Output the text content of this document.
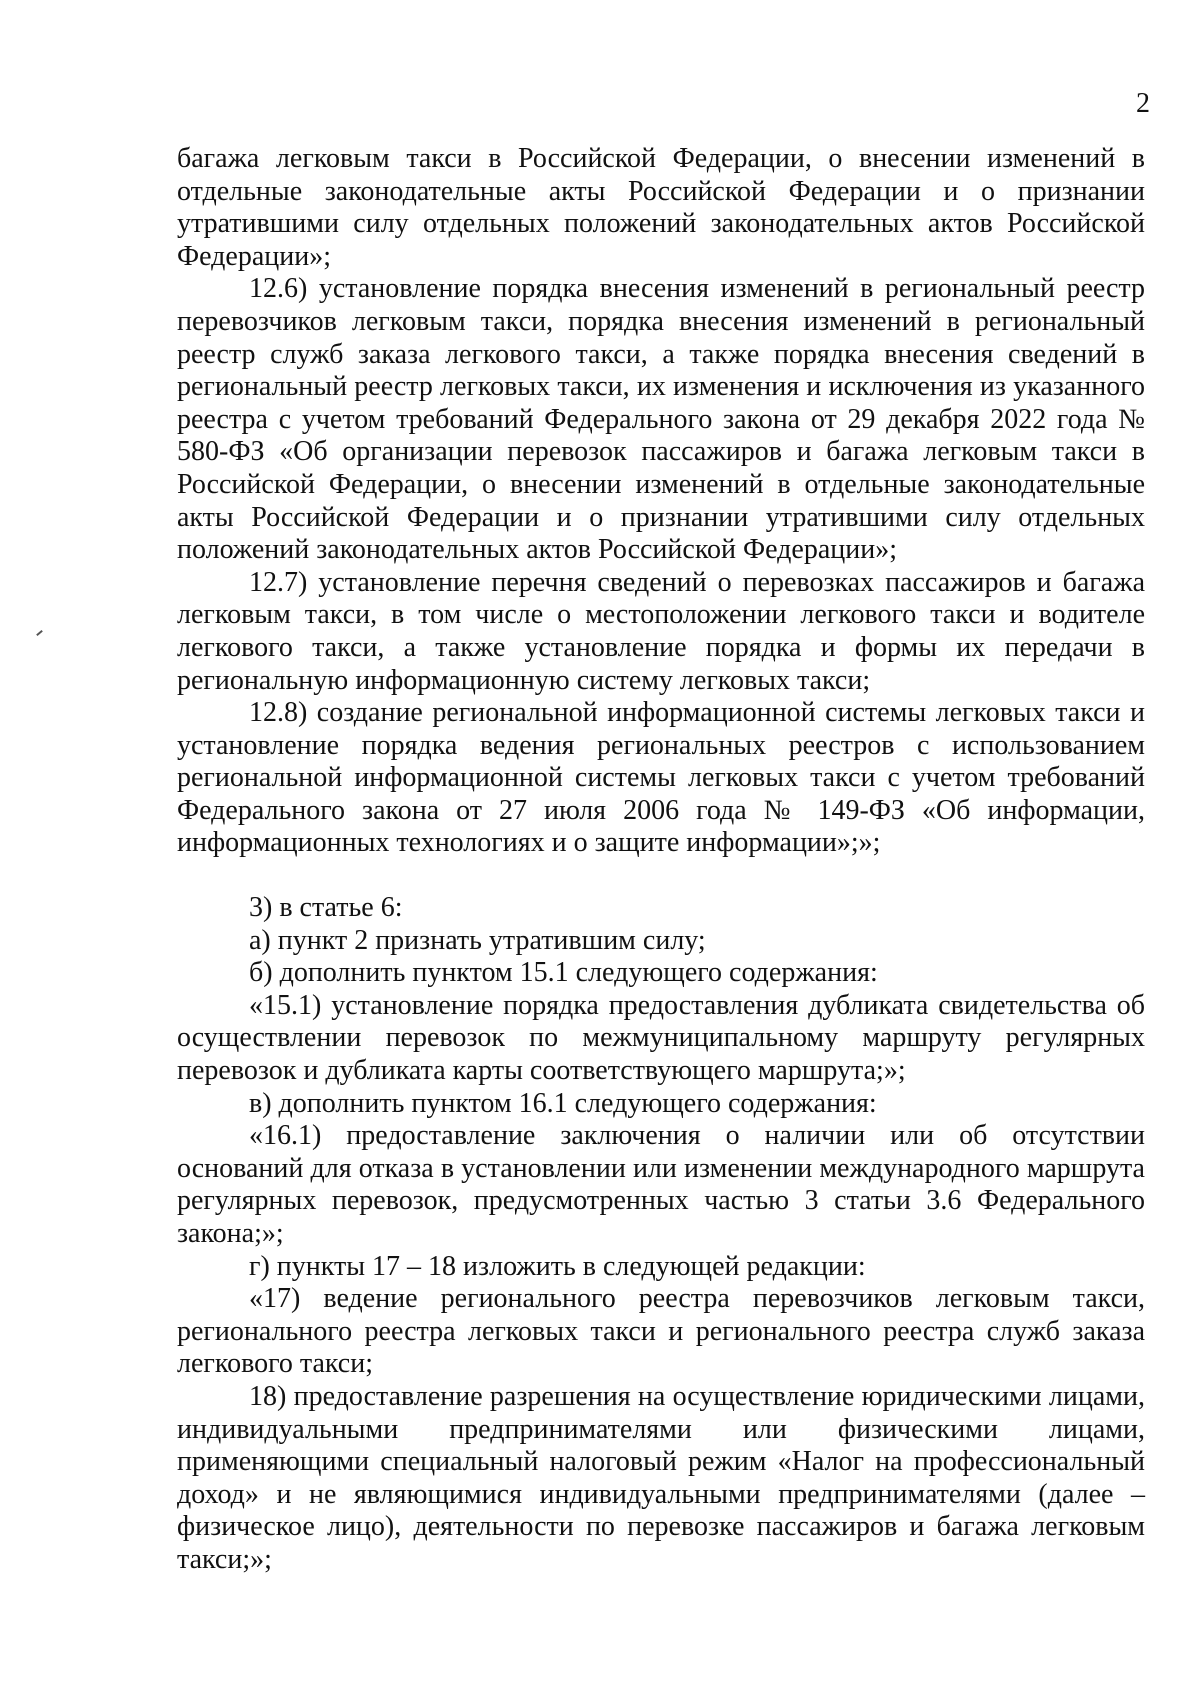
2

багажа легковым такси в Российской Федерации, о внесении изменений в отдельные законодательные акты Российской Федерации и о признании утратившими силу отдельных положений законодательных актов Российской Федерации»;

12.6) установление порядка внесения изменений в региональный реестр перевозчиков легковым такси, порядка внесения изменений в региональный реестр служб заказа легкового такси, а также порядка внесения сведений в региональный реестр легковых такси, их изменения и исключения из указанного реестра с учетом требований Федерального закона от 29 декабря 2022 года № 580-ФЗ «Об организации перевозок пассажиров и багажа легковым такси в Российской Федерации, о внесении изменений в отдельные законодательные акты Российской Федерации и о признании утратившими силу отдельных положений законодательных актов Российской Федерации»;

12.7) установление перечня сведений о перевозках пассажиров и багажа легковым такси, в том числе о местоположении легкового такси и водителе легкового такси, а также установление порядка и формы их передачи в региональную информационную систему легковых такси;

12.8) создание региональной информационной системы легковых такси и установление порядка ведения региональных реестров с использованием региональной информационной системы легковых такси с учетом требований Федерального закона от 27 июля 2006 года № 149-ФЗ «Об информации, информационных технологиях и о защите информации»;»;

3) в статье 6:

а) пункт 2 признать утратившим силу;

б) дополнить пунктом 15.1 следующего содержания:

«15.1) установление порядка предоставления дубликата свидетельства об осуществлении перевозок по межмуниципальному маршруту регулярных перевозок и дубликата карты соответствующего маршрута;»;

в) дополнить пунктом 16.1 следующего содержания:

«16.1) предоставление заключения о наличии или об отсутствии оснований для отказа в установлении или изменении международного маршрута регулярных перевозок, предусмотренных частью 3 статьи 3.6 Федерального закона;»;

г) пункты 17 – 18 изложить в следующей редакции:

«17) ведение регионального реестра перевозчиков легковым такси, регионального реестра легковых такси и регионального реестра служб заказа легкового такси;

18) предоставление разрешения на осуществление юридическими лицами, индивидуальными предпринимателями или физическими лицами, применяющими специальный налоговый режим «Налог на профессиональный доход» и не являющимися индивидуальными предпринимателями (далее – физическое лицо), деятельности по перевозке пассажиров и багажа легковым такси;»;
